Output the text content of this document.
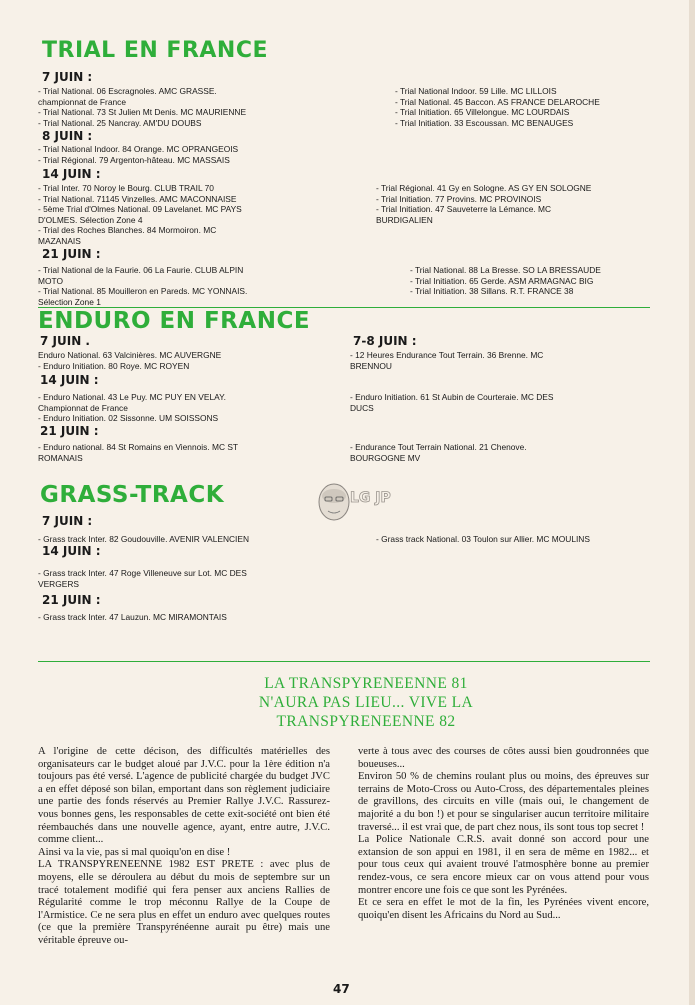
TRIAL EN FRANCE
7 JUIN :
- Trial National. 06 Escragnoles. AMC GRASSE.
championnat de France
- Trial National. 73 St Julien Mt Denis. MC MAURIENNE
- Trial National. 25 Nancray. AM'DU DOUBS
- Trial National Indoor. 59 Lille. MC LILLOIS
- Trial National. 45 Baccon. AS FRANCE DELAROCHE
- Trial Initiation. 65 Villelongue. MC LOURDAIS
- Trial Initiation. 33 Escoussan. MC BENAUGES
8 JUIN :
- Trial National Indoor. 84 Orange. MC OPRANGEOIS
- Trial Régional. 79 Argenton-hâteau. MC MASSAIS
14 JUIN :
- Trial Inter. 70 Noroy le Bourg. CLUB TRAIL 70
- Trial National. 71145 Vinzelles. AMC MACONNAISE
- 5ème Trial d'Olmes National. 09 Lavelanet. MC PAYS
D'OLMES. Sélection Zone 4
- Trial des Roches Blanches. 84 Mormoiron. MC
MAZANAIS
- Trial Régional. 41 Gy en Sologne. AS GY EN SOLOGNE
- Trial Initiation. 77 Provins. MC PROVINOIS
- Trial Initiation. 47 Sauveterre la Lémance. MC
BURDIGALIEN
21 JUIN :
- Trial National de la Faurie. 06 La Faurie. CLUB ALPIN
MOTO
- Trial National. 85 Mouilleron en Pareds. MC YONNAIS.
Sélection Zone 1
- Trial National. 88 La Bresse. SO LA BRESSAUDE
- Trial Initiation. 65 Gerde. ASM ARMAGNAC BIG
- Trial Initiation. 38 Sillans. R.T. FRANCE 38
ENDURO EN FRANCE
7 JUIN .
Enduro National. 63 Valcinières. MC AUVERGNE
- Enduro Initiation. 80 Roye. MC ROYEN
7-8 JUIN :
- 12 Heures Endurance Tout Terrain. 36 Brenne. MC
BRENNOU
14 JUIN :
- Enduro National. 43 Le Puy. MC PUY EN VELAY.
Championnat de France
- Enduro Initiation. 02 Sissonne. UM SOISSONS
- Enduro Initiation. 61 St Aubin de Courteraie. MC DES
DUCS
21 JUIN :
- Enduro national. 84 St Romains en Viennois. MC ST
ROMANAIS
- Endurance Tout Terrain National. 21 Chenove.
BOURGOGNE MV
GRASS-TRACK	LG JP
7 JUIN :
- Grass track Inter. 82 Goudouville. AVENIR VALENCIEN	- Grass track National. 03 Toulon sur Allier. MC MOULINS
14 JUIN :
- Grass track Inter. 47 Roge Villeneuve sur Lot. MC DES
VERGERS
21 JUIN :
- Grass track Inter. 47 Lauzun. MC MIRAMONTAIS
LA TRANSPYRENEENNE 81
N'AURA PAS LIEU... VIVE LA
TRANSPYRENEENNE 82

A l'origine de cette décison, des difficultés matérielles des organisateurs car le budget aloué par J.V.C. pour la 1ère édition n'a toujours pas été versé. L'agence de publicité chargée du budget JVC a en effet déposé son bilan, emportant dans son règlement judiciaire une partie des fonds réservés au Premier Rallye J.V.C. Rassurez-vous bonnes gens, les responsables de cette exit-société ont bien été réembauchés dans une nouvelle agence, ayant, entre autre, J.V.C. comme client...

Ainsi va la vie, pas si mal quoiqu'on en dise !

LA TRANSPYRENEENNE 1982 EST PRETE : avec plus de moyens, elle se déroulera au début du mois de septembre sur un tracé totalement modifié qui fera penser aux anciens Rallies de Régularité comme le trop méconnu Rallye de la Coupe de l'Armistice. Ce ne sera plus en effet un enduro avec quelques routes (ce que la première Transpyrénéenne aurait pu être) mais une véritable épreuve ou-

verte à tous avec des courses de côtes aussi bien goudronnées que boueuses...

Environ 50 % de chemins roulant plus ou moins, des épreuves sur terrains de Moto-Cross ou Auto-Cross, des départementales pleines de gravillons, des circuits en ville (mais oui, le changement de majorité a du bon !) et pour se singulariser aucun territoire militaire traversé... il est vrai que, de part chez nous, ils sont tous top secret !

La Police Nationale C.R.S. avait donné son accord pour une extansion de son appui en 1981, il en sera de même en 1982... et pour tous ceux qui avaient trouvé l'atmosphère bonne au premier rendez-vous, ce sera encore mieux car on vous attend pour vous montrer encore une fois ce que sont les Pyrénées.

Et ce sera en effet le mot de la fin, les Pyrénées vivent encore, quoiqu'en disent les Africains du Nord au Sud...

47
